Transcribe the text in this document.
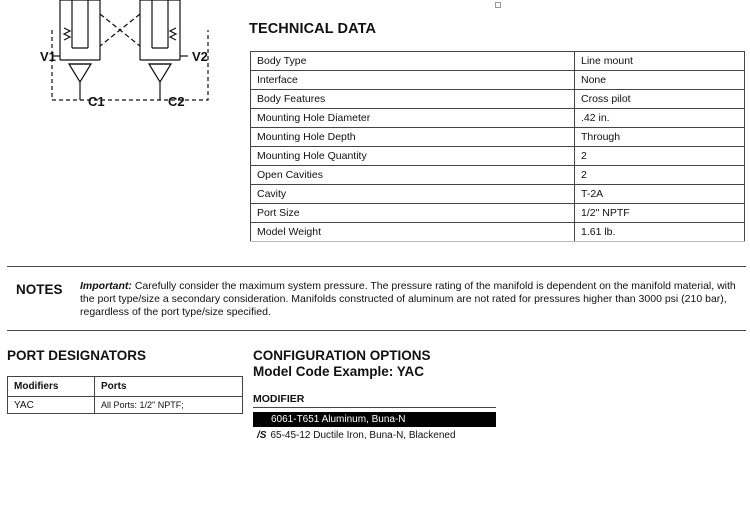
V1	V2
C1	C2
TECHNICAL DATA
Body Type	Line mount
Interface	None
Body Features	Cross pilot
Mounting Hole Diameter	.42 in.
Mounting Hole Depth	Through
Mounting Hole Quantity	2
Open Cavities	2
Cavity	T-2A
Port Size	1/2" NPTF
Model Weight	1.61 lb.
NOTES Important: Carefully consider the maximum system pressure. The pressure rating of the manifold is dependent on the manifold material, with the port type/size a secondary consideration. Manifolds constructed of aluminum are not rated for pressures higher than 3000 psi (210 bar), regardless of the port type/size specified.
PORT DESIGNATORS
Modifiers	Ports
YAC	All Ports: 1/2" NPTF;
CONFIGURATION OPTIONS
Model Code Example: YAC
MODIFIER
6061-T651 Aluminum, Buna-N
/S 65-45-12 Ductile Iron, Buna-N, Blackened
